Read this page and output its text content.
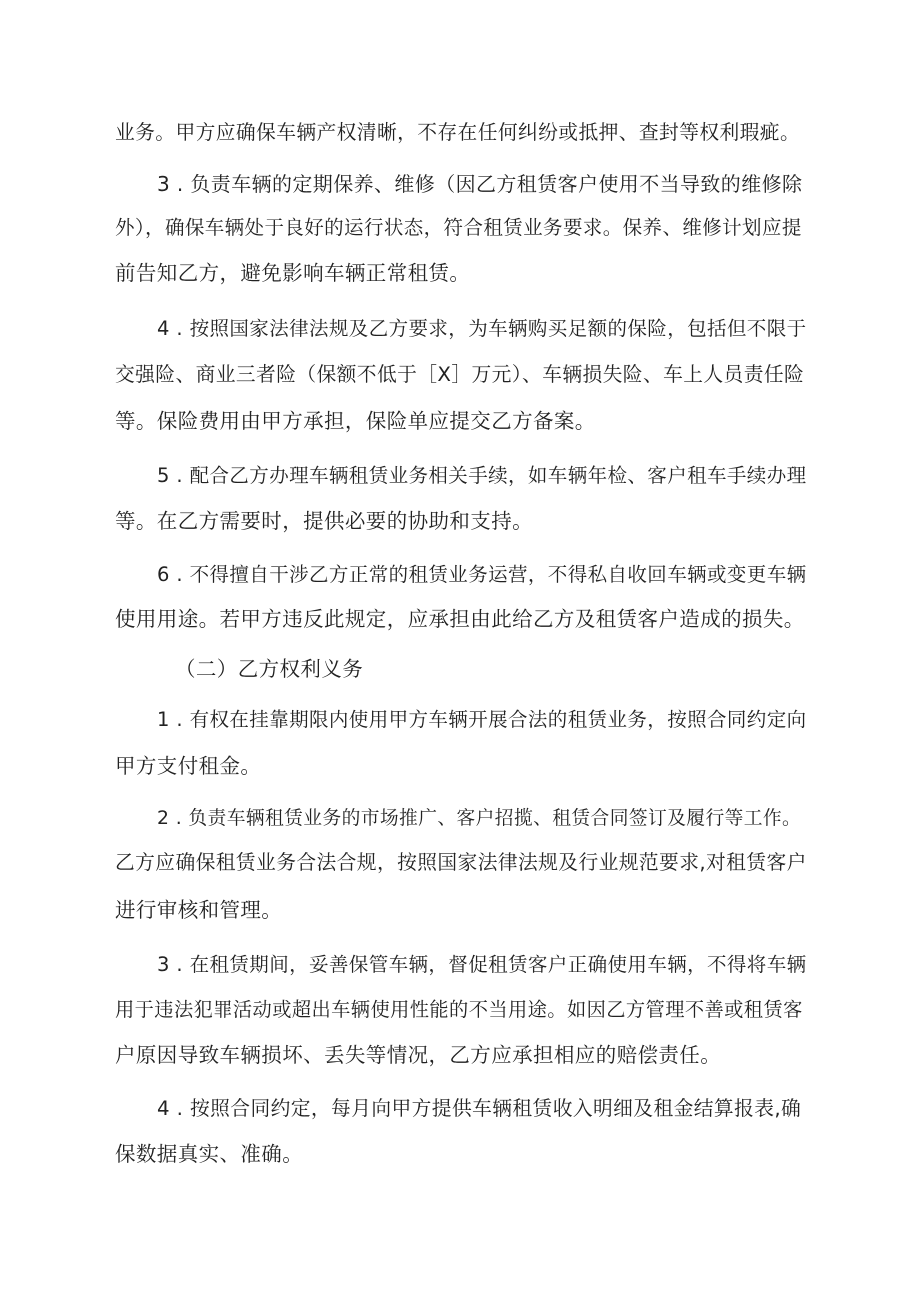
业务。甲方应确保车辆产权清晰，不存在任何纠纷或抵押、查封等权利瑕疵。

3 . 负责车辆的定期保养、维修（因乙方租赁客户使用不当导致的维修除

外），确保车辆处于良好的运行状态，符合租赁业务要求。保养、维修计划应提

前告知乙方，避免影响车辆正常租赁。

4 . 按照国家法律法规及乙方要求，为车辆购买足额的保险，包括但不限于

交强险、商业三者险（保额不低于［X］万元）、车辆损失险、车上人员责任险

等。保险费用由甲方承担，保险单应提交乙方备案。

5 . 配合乙方办理车辆租赁业务相关手续，如车辆年检、客户租车手续办理

等。在乙方需要时，提供必要的协助和支持。

6 . 不得擅自干涉乙方正常的租赁业务运营，不得私自收回车辆或变更车辆

使用用途。若甲方违反此规定，应承担由此给乙方及租赁客户造成的损失。

（二）乙方权利义务

1 . 有权在挂靠期限内使用甲方车辆开展合法的租赁业务，按照合同约定向

甲方支付租金。

2 . 负责车辆租赁业务的市场推广、客户招揽、租赁合同签订及履行等工作。

乙方应确保租赁业务合法合规，按照国家法律法规及行业规范要求,对租赁客户

进行审核和管理。

3 . 在租赁期间，妥善保管车辆，督促租赁客户正确使用车辆，不得将车辆

用于违法犯罪活动或超出车辆使用性能的不当用途。如因乙方管理不善或租赁客

户原因导致车辆损坏、丢失等情况，乙方应承担相应的赔偿责任。

4 . 按照合同约定，每月向甲方提供车辆租赁收入明细及租金结算报表,确

保数据真实、准确。
